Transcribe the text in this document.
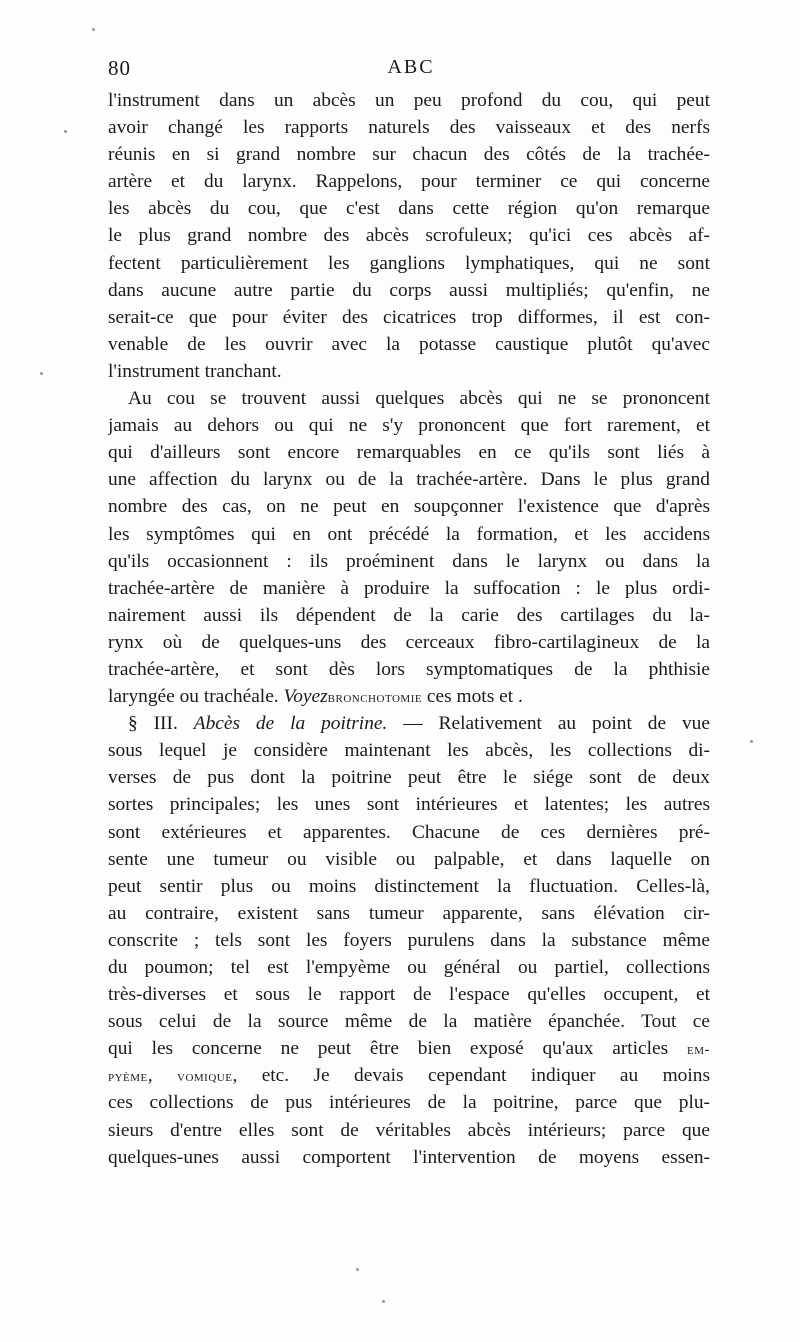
80	ABC
l'instrument dans un abcès un peu profond du cou, qui peut
avoir changé les rapports naturels des vaisseaux et des nerfs
réunis en si grand nombre sur chacun des côtés de la trachée-
artère et du larynx. Rappelons, pour terminer ce qui concerne
les abcès du cou, que c'est dans cette région qu'on remarque
le plus grand nombre des abcès scrofuleux; qu'ici ces abcès af-
fectent particulièrement les ganglions lymphatiques, qui ne sont
dans aucune autre partie du corps aussi multipliés; qu'enfin, ne
serait-ce que pour éviter des cicatrices trop difformes, il est con-
venable de les ouvrir avec la potasse caustique plutôt qu'avec
l'instrument tranchant.
Au cou se trouvent aussi quelques abcès qui ne se prononcent
jamais au dehors ou qui ne s'y prononcent que fort rarement, et
qui d'ailleurs sont encore remarquables en ce qu'ils sont liés à
une affection du larynx ou de la trachée-artère. Dans le plus grand
nombre des cas, on ne peut en soupçonner l'existence que d'après
les symptômes qui en ont précédé la formation, et les accidens
qu'ils occasionnent : ils proéminent dans le larynx ou dans la
trachée-artère de manière à produire la suffocation : le plus ordi-
nairement aussi ils dépendent de la carie des cartilages du la-
rynx où de quelques-uns des cerceaux fibro-cartilagineux de la
trachée-artère, et sont dès lors symptomatiques de la phthisie
laryngée ou trachéale. Voyezbronchotomie ces mots et .
§ III. Abcès de la poitrine. — Relativement au point de vue
sous lequel je considère maintenant les abcès, les collections di-
verses de pus dont la poitrine peut être le siége sont de deux
sortes principales; les unes sont intérieures et latentes; les autres
sont extérieures et apparentes. Chacune de ces dernières pré-
sente une tumeur ou visible ou palpable, et dans laquelle on
peut sentir plus ou moins distinctement la fluctuation. Celles-là,
au contraire, existent sans tumeur apparente, sans élévation cir-
conscrite ; tels sont les foyers purulens dans la substance même
du poumon; tel est l'empyème ou général ou partiel, collections
très-diverses et sous le rapport de l'espace qu'elles occupent, et
sous celui de la source même de la matière épanchée. Tout ce
qui les concerne ne peut être bien exposé qu'aux articles em-
pyème, vomique, etc. Je devais cependant indiquer au moins
ces collections de pus intérieures de la poitrine, parce que plu-
sieurs d'entre elles sont de véritables abcès intérieurs; parce que
quelques-unes aussi comportent l'intervention de moyens essen-
